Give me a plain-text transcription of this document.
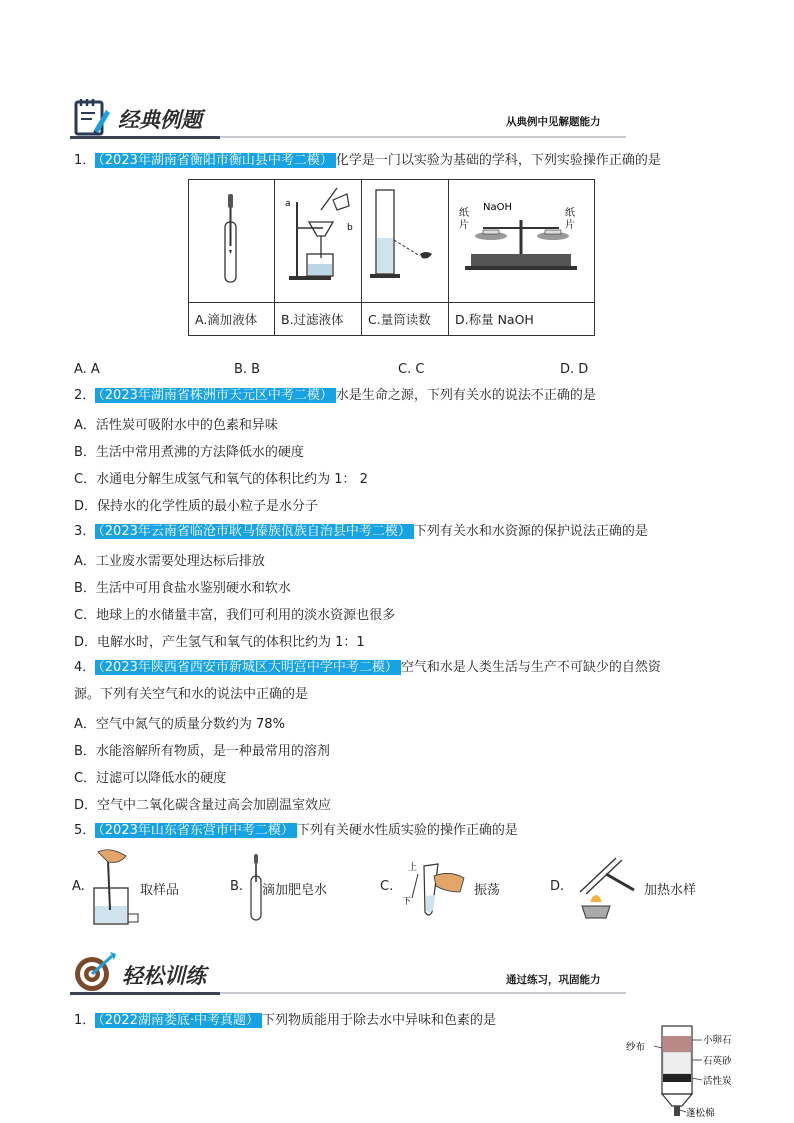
经典例题	从典例中见解题能力
1． （2023年湖南省衡阳市衡山县中考二模） 化学是一门以实验为基础的学科，下列实验操作正确的是

a
b		NaOH
纸
片
纸
片

A.滴加液体	B.过滤液体	C.量筒读数	D.称量 NaOH
A. A	B. B	C. C	D. D
2． （2023年湖南省株洲市天元区中考二模） 水是生命之源，下列有关水的说法不正确的是
A．活性炭可吸附水中的色素和异味
B．生活中常用煮沸的方法降低水的硬度
C．水通电分解生成氢气和氧气的体积比约为 1： 2
D．保持水的化学性质的最小粒子是水分子
3． （2023年云南省临沧市耿马傣族佤族自治县中考二模） 下列有关水和水资源的保护说法正确的是
A．工业废水需要处理达标后排放
B．生活中可用食盐水鉴别硬水和软水
C．地球上的水储量丰富，我们可利用的淡水资源也很多
D．电解水时，产生氢气和氧气的体积比约为 1：1
4． （2023年陕西省西安市新城区大明宫中学中考二模） 空气和水是人类生活与生产不可缺少的自然资
源。下列有关空气和水的说法中正确的是
A．空气中氮气的质量分数约为 78%
B．水能溶解所有物质，是一种最常用的溶剂
C．过滤可以降低水的硬度
D．空气中二氧化碳含量过高会加剧温室效应
5． （2023年山东省东营市中考二模） 下列有关硬水性质实验的操作正确的是
A.	取样品	B. 滴加肥皂水	C.
上
下
振荡	D.	加热水样
轻松训练	通过练习，巩固能力
1． （2022湖南娄底·中考真题） 下列物质能用于除去水中异味和色素的是
纱布
小卵石
石英砂
活性炭
蓬松棉
